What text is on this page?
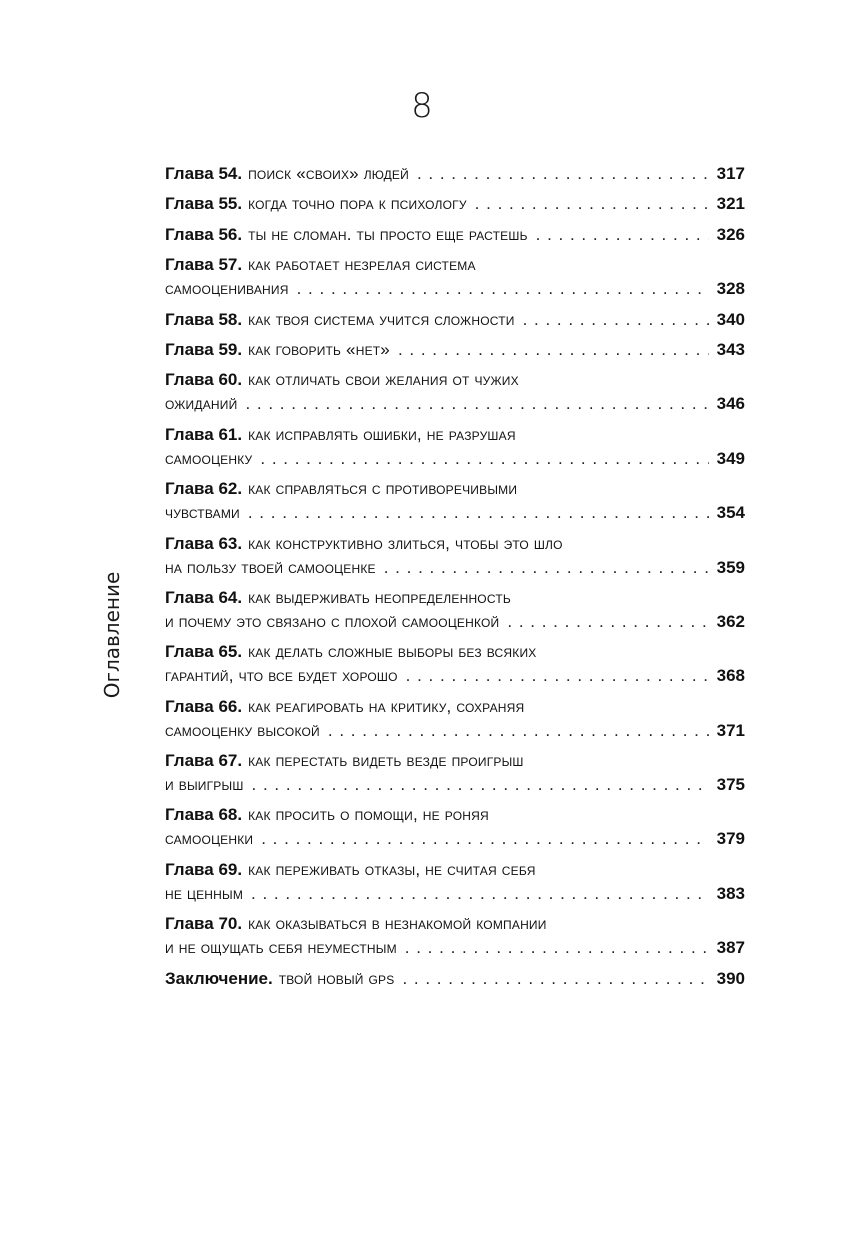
8
Оглавление
Глава 54. поиск «своих» людей . . .	317
Глава 55. когда точно пора к психологу . . .	321
Глава 56. ты не сломан. ты просто еще растешь . . .	326
Глава 57. как работает незрелая система
самооценивания . . .	328
Глава 58. как твоя система учится сложности . . .	340
Глава 59. как говорить «нет» . . .	343
Глава 60. как отличать свои желания от чужих
ожиданий . . .	346
Глава 61. как исправлять ошибки, не разрушая
самооценку . . .	349
Глава 62. как справляться с противоречивыми
чувствами . . .	354
Глава 63. как конструктивно злиться, чтобы это шло
на пользу твоей самооценке . . .	359
Глава 64. как выдерживать неопределенность
и почему это связано с плохой самооценкой . . .	362
Глава 65. как делать сложные выборы без всяких
гарантий, что все будет хорошо . . .	368
Глава 66. как реагировать на критику, сохраняя
самооценку высокой . . .	371
Глава 67. как перестать видеть везде проигрыш
и выигрыш . . .	375
Глава 68. как просить о помощи, не роняя
самооценки . . .	379
Глава 69. как переживать отказы, не считая себя
не ценным . . .	383
Глава 70. как оказываться в незнакомой компании
и не ощущать себя неуместным . . .	387
Заключение. твой новый gps . . .	390
